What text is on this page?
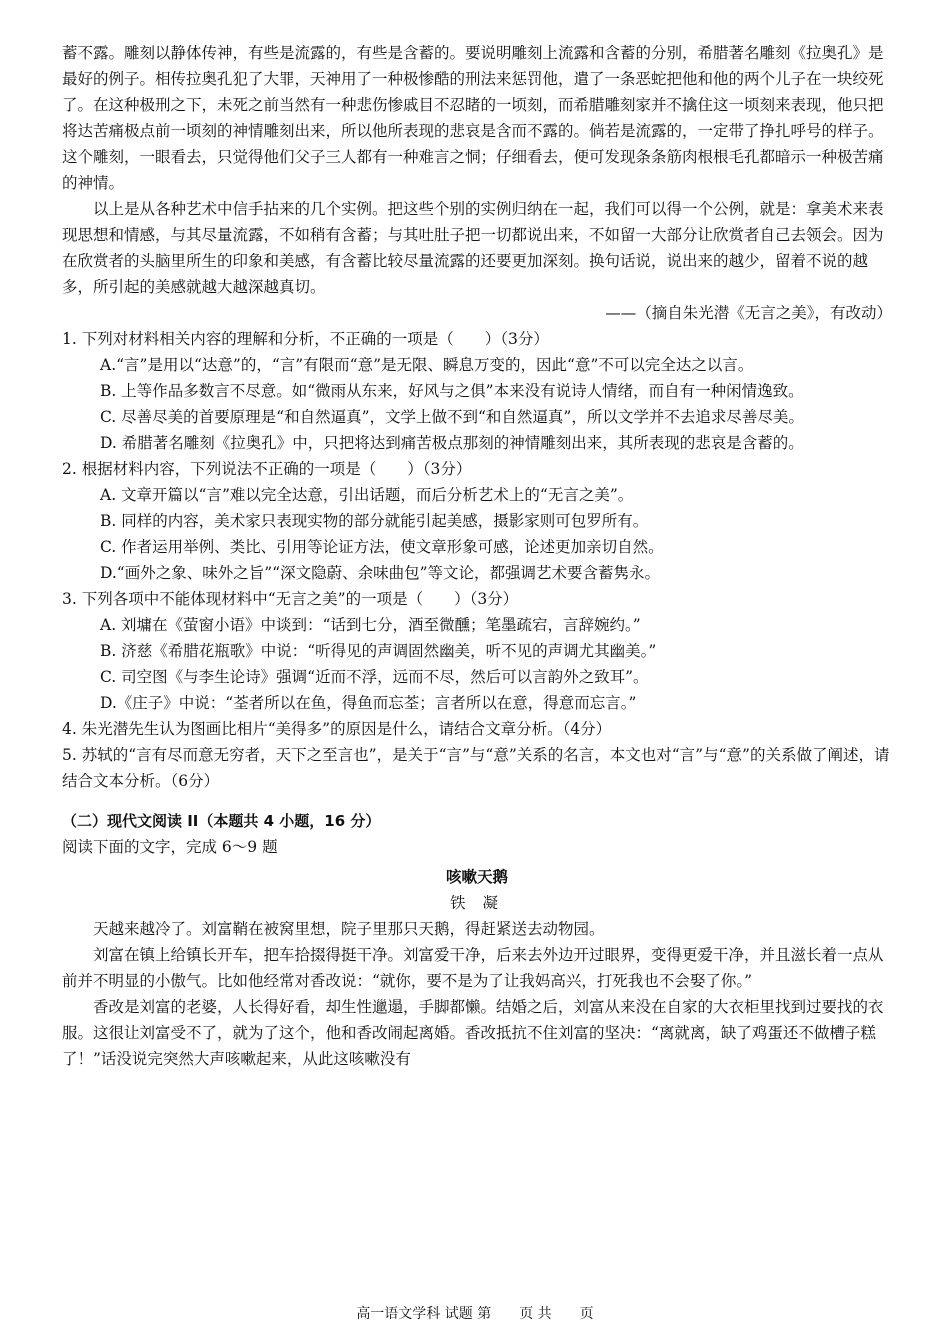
蓄不露。雕刻以静体传神，有些是流露的，有些是含蓄的。要说明雕刻上流露和含蓄的分别，希腊著名雕刻《拉奥孔》是最好的例子。相传拉奥孔犯了大罪，天神用了一种极惨酷的刑法来惩罚他，遣了一条恶蛇把他和他的两个儿子在一块绞死了。在这种极刑之下，未死之前当然有一种悲伤惨戚目不忍睹的一顷刻，而希腊雕刻家并不擒住这一顷刻来表现，他只把将达苦痛极点前一顷刻的神情雕刻出来，所以他所表现的悲哀是含而不露的。倘若是流露的，一定带了挣扎呼号的样子。这个雕刻，一眼看去，只觉得他们父子三人都有一种难言之恫；仔细看去，便可发现条条筋肉根根毛孔都暗示一种极苦痛的神情。

以上是从各种艺术中信手拈来的几个实例。把这些个别的实例归纳在一起，我们可以得一个公例，就是：拿美术来表现思想和情感，与其尽量流露，不如稍有含蓄；与其吐肚子把一切都说出来，不如留一大部分让欣赏者自己去领会。因为在欣赏者的头脑里所生的印象和美感，有含蓄比较尽量流露的还要更加深刻。换句话说，说出来的越少，留着不说的越多，所引起的美感就越大越深越真切。

——（摘自朱光潜《无言之美》，有改动）

1. 下列对材料相关内容的理解和分析，不正确的一项是（　　）（3分）

A.“言”是用以“达意”的，“言”有限而“意”是无限、瞬息万变的，因此“意”不可以完全达之以言。

B. 上等作品多数言不尽意。如“微雨从东来，好风与之俱”本来没有说诗人情绪，而自有一种闲情逸致。

C. 尽善尽美的首要原理是“和自然逼真”，文学上做不到“和自然逼真”，所以文学并不去追求尽善尽美。

D. 希腊著名雕刻《拉奥孔》中，只把将达到痛苦极点那刻的神情雕刻出来，其所表现的悲哀是含蓄的。

2. 根据材料内容，下列说法不正确的一项是（　　）（3分）

A. 文章开篇以“言”难以完全达意，引出话题，而后分析艺术上的“无言之美”。

B. 同样的内容，美术家只表现实物的部分就能引起美感，摄影家则可包罗所有。

C. 作者运用举例、类比、引用等论证方法，使文章形象可感，论述更加亲切自然。

D.“画外之象、味外之旨”“深文隐蔚、余味曲包”等文论，都强调艺术要含蓄隽永。

3. 下列各项中不能体现材料中“无言之美”的一项是（　　）（3分）

A. 刘墉在《萤窗小语》中谈到：“话到七分，酒至微醺；笔墨疏宕，言辞婉约。”

B. 济慈《希腊花瓶歌》中说：“听得见的声调固然幽美，听不见的声调尤其幽美。”

C. 司空图《与李生论诗》强调“近而不浮，远而不尽，然后可以言韵外之致耳”。

D.《庄子》中说：“荃者所以在鱼，得鱼而忘荃；言者所以在意，得意而忘言。”

4. 朱光潜先生认为图画比相片“美得多”的原因是什么，请结合文章分析。（4分）

5. 苏轼的“言有尽而意无穷者，天下之至言也”，是关于“言”与“意”关系的名言，本文也对“言”与“意”的关系做了阐述，请结合文本分析。（6分）

（二）现代文阅读 II（本题共 4 小题，16 分）

阅读下面的文字，完成 6～9 题

咳嗽天鹅

铁 凝

天越来越冷了。刘富鞘在被窝里想，院子里那只天鹅，得赶紧送去动物园。

刘富在镇上给镇长开车，把车拾掇得挺干净。刘富爱干净，后来去外边开过眼界，变得更爱干净，并且滋长着一点从前并不明显的小傲气。比如他经常对香改说：“就你，要不是为了让我妈高兴，打死我也不会娶了你。”

香改是刘富的老婆，人长得好看，却生性邋遢，手脚都懒。结婚之后，刘富从来没在自家的大衣柜里找到过要找的衣服。这很让刘富受不了，就为了这个，他和香改闹起离婚。香改抵抗不住刘富的坚决：“离就离，缺了鸡蛋还不做槽子糕了！”话没说完突然大声咳嗽起来，从此这咳嗽没有

高一语文学科 试题 第　　页 共　　页
